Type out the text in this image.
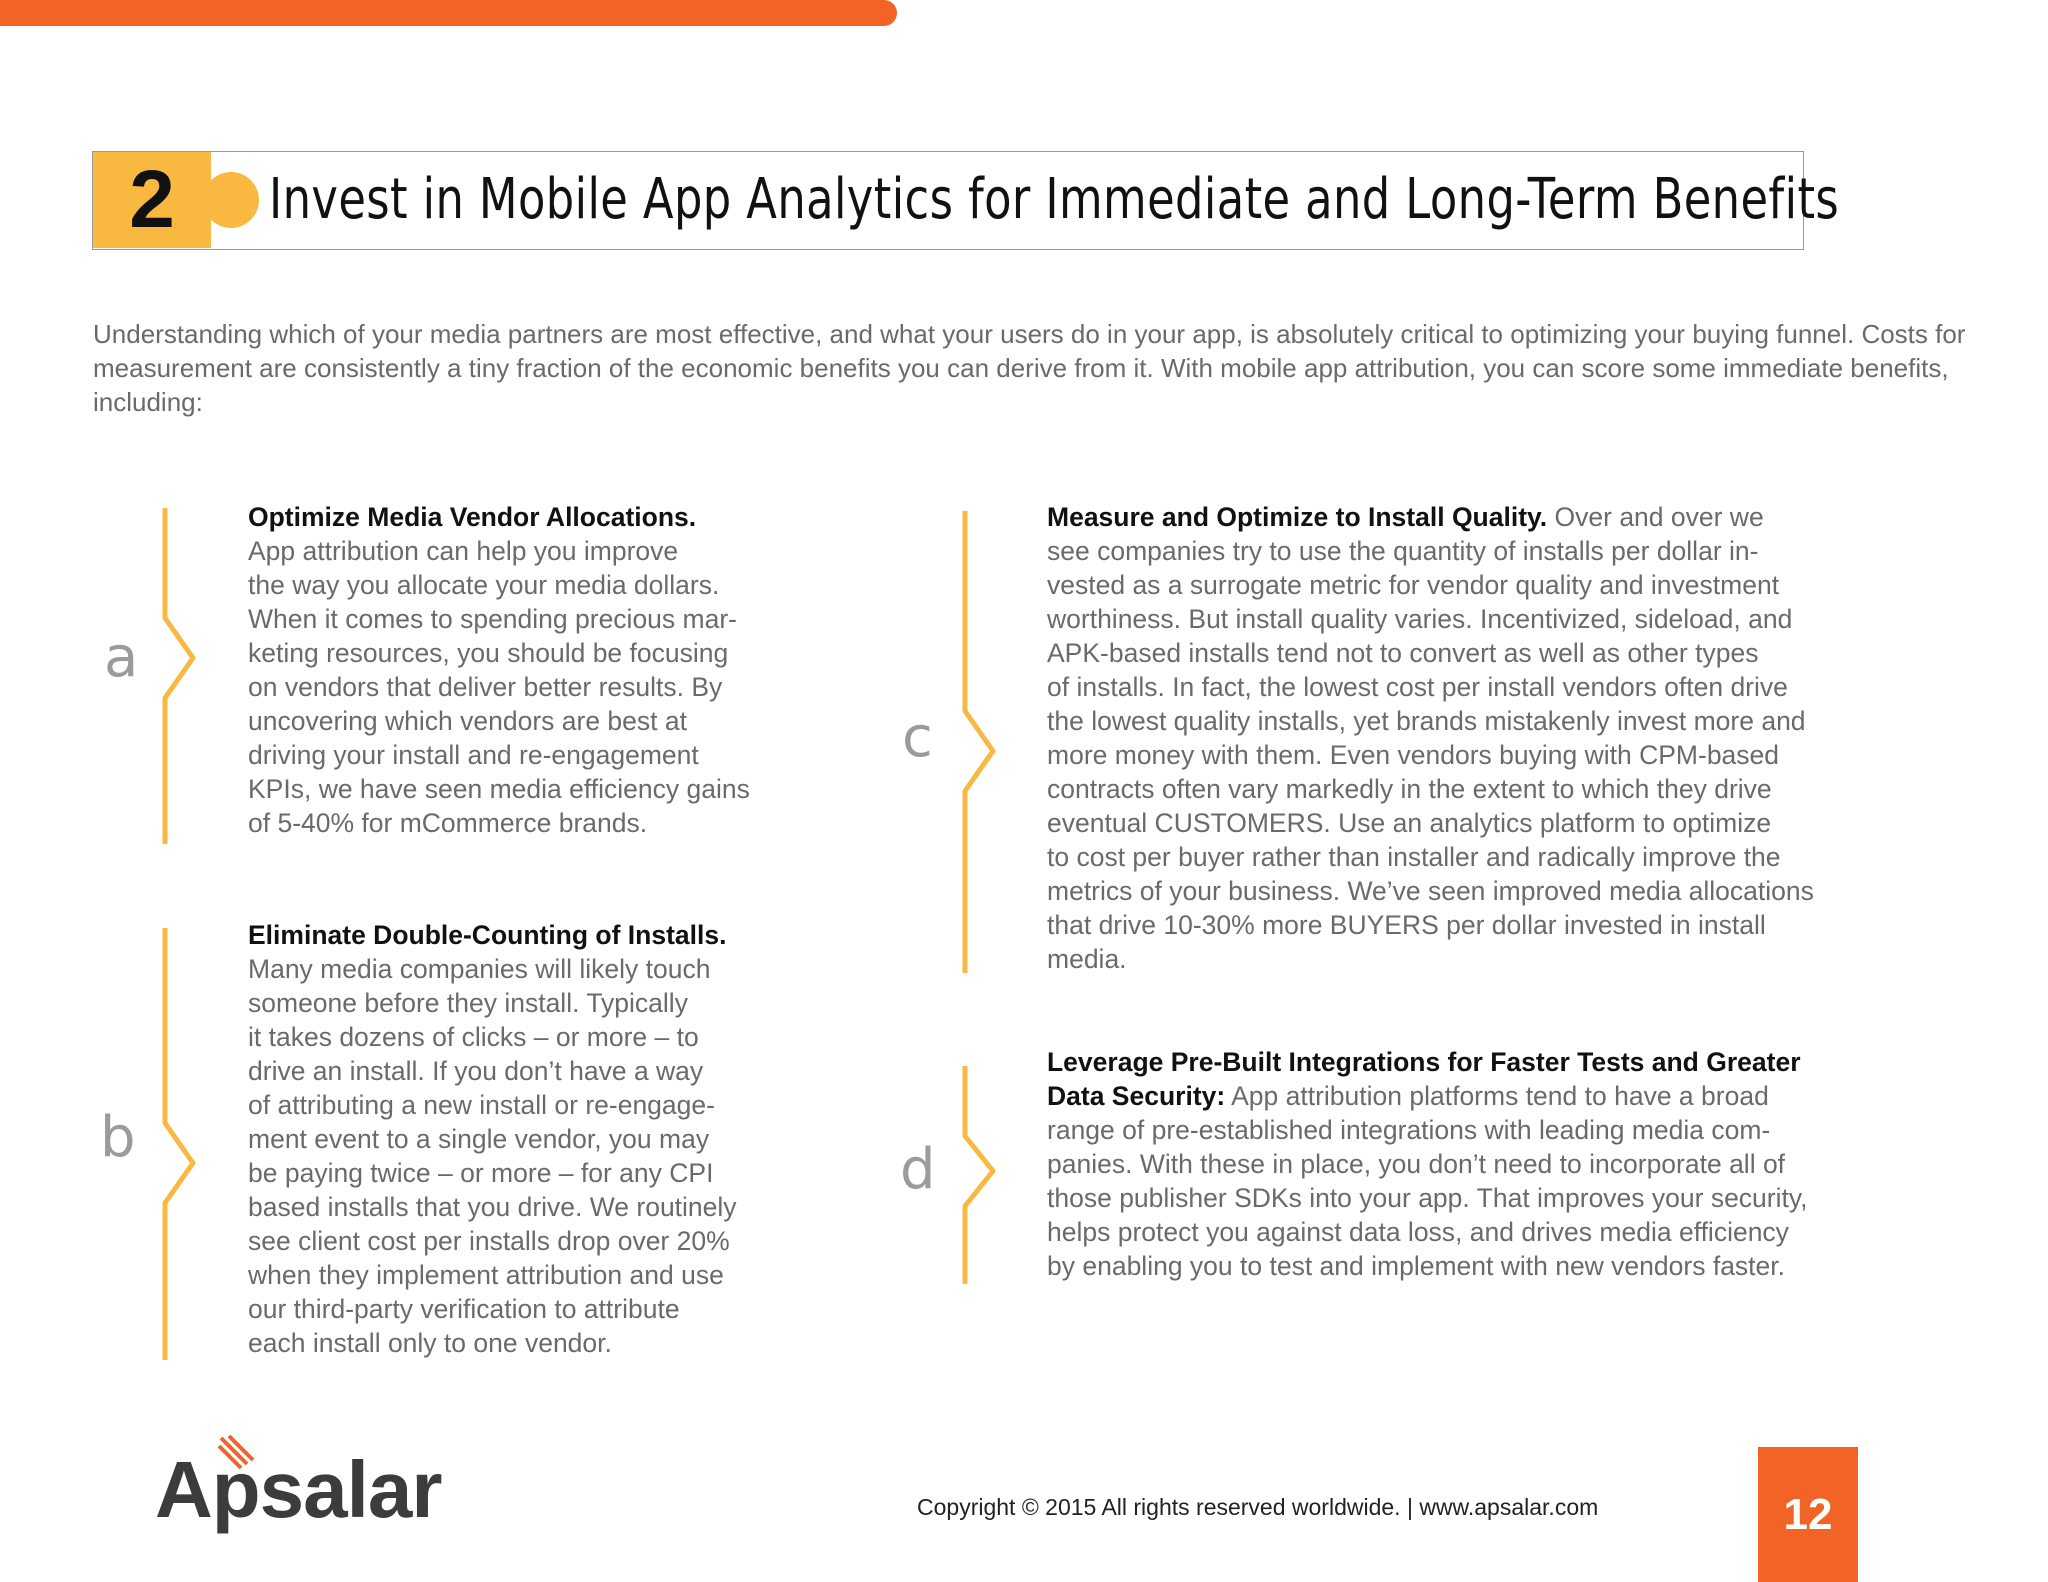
2	Invest in Mobile App Analytics for Immediate and Long-Term Benefits
Understanding which of your media partners are most effective, and what your users do in your app, is absolutely critical to optimizing your buying funnel. Costs for measurement are consistently a tiny fraction of the economic benefits you can derive from it. With mobile app attribution, you can score some immediate benefits, including:
a
Optimize Media Vendor Allocations.
App attribution can help you improve
the way you allocate your media dollars.
When it comes to spending precious mar-
keting resources, you should be focusing
on vendors that deliver better results. By
uncovering which vendors are best at
driving your install and re-engagement
KPIs, we have seen media efficiency gains
of 5-40% for mCommerce brands.
b
Eliminate Double-Counting of Installs.
Many media companies will likely touch
someone before they install. Typically
it takes dozens of clicks – or more – to
drive an install. If you don’t have a way
of attributing a new install or re-engage-
ment event to a single vendor, you may
be paying twice – or more – for any CPI
based installs that you drive. We routinely
see client cost per installs drop over 20%
when they implement attribution and use
our third-party verification to attribute
each install only to one vendor.
c
Measure and Optimize to Install Quality. Over and over we
see companies try to use the quantity of installs per dollar in-
vested as a surrogate metric for vendor quality and investment
worthiness. But install quality varies. Incentivized, sideload, and
APK-based installs tend not to convert as well as other types
of installs. In fact, the lowest cost per install vendors often drive
the lowest quality installs, yet brands mistakenly invest more and
more money with them. Even vendors buying with CPM-based
contracts often vary markedly in the extent to which they drive
eventual CUSTOMERS. Use an analytics platform to optimize
to cost per buyer rather than installer and radically improve the
metrics of your business. We’ve seen improved media allocations
that drive 10-30% more BUYERS per dollar invested in install
media.
d
Leverage Pre-Built Integrations for Faster Tests and Greater
Data Security: App attribution platforms tend to have a broad
range of pre-established integrations with leading media com-
panies. With these in place, you don’t need to incorporate all of
those publisher SDKs into your app. That improves your security,
helps protect you against data loss, and drives media efficiency
by enabling you to test and implement with new vendors faster.
Apsalar	Copyright © 2015 All rights reserved worldwide. | www.apsalar.com	12
